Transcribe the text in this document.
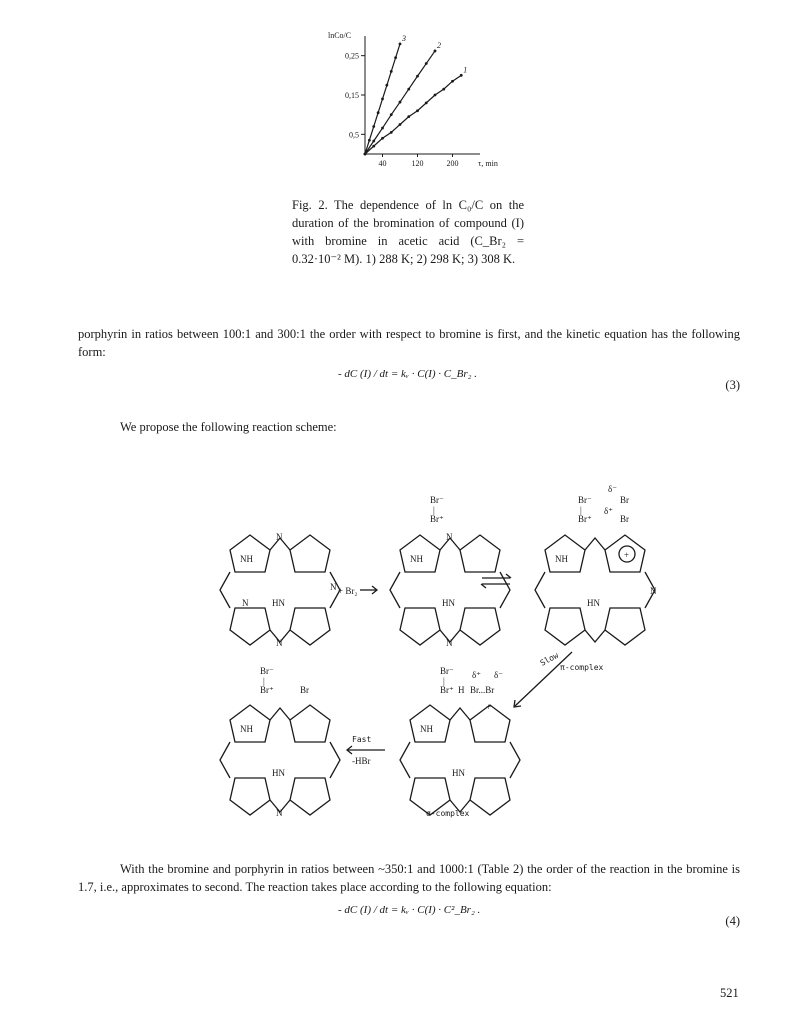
lnCo/C
0,25
0,15
0,5
40	120	200 τ, min
1
2
3
Fig. 2. The dependence of ln C₀/C on the duration of the bromination of compound (I) with bromine in acetic acid (C_Br₂ = 0.32·10⁻² M). 1) 288 K; 2) 298 K; 3) 308 K.
porphyrin in ratios between 100:1 and 300:1 the order with respect to bromine is first, and the kinetic equation has the following form:
- dC (I) / dt = kᵥ · C(I) · C_Br₂ .
(3)
We propose the following reaction scheme:
NH
HN
N
N
N
N
+ Br₂
Br⁻
|
Br⁺
NH
HN
N
N
Br⁻
|
Br⁺
δ⁻
Br
δ⁺
Br
+
NH
HN
N
π-complex
Slow
Br⁻
|
Br⁺	Br
NH
HN
N
Fast
-HBr
Br⁻
|
Br⁺ H
δ⁺ δ⁻
Br...Br
+
NH
HN
σ-complex
With the bromine and porphyrin in ratios between ~350:1 and 1000:1 (Table 2) the order of the reaction in the bromine is 1.7, i.e., approximates to second. The reaction takes place according to the following equation:
- dC (I) / dt = kᵥ · C(I) · C²_Br₂ .
(4)
521
